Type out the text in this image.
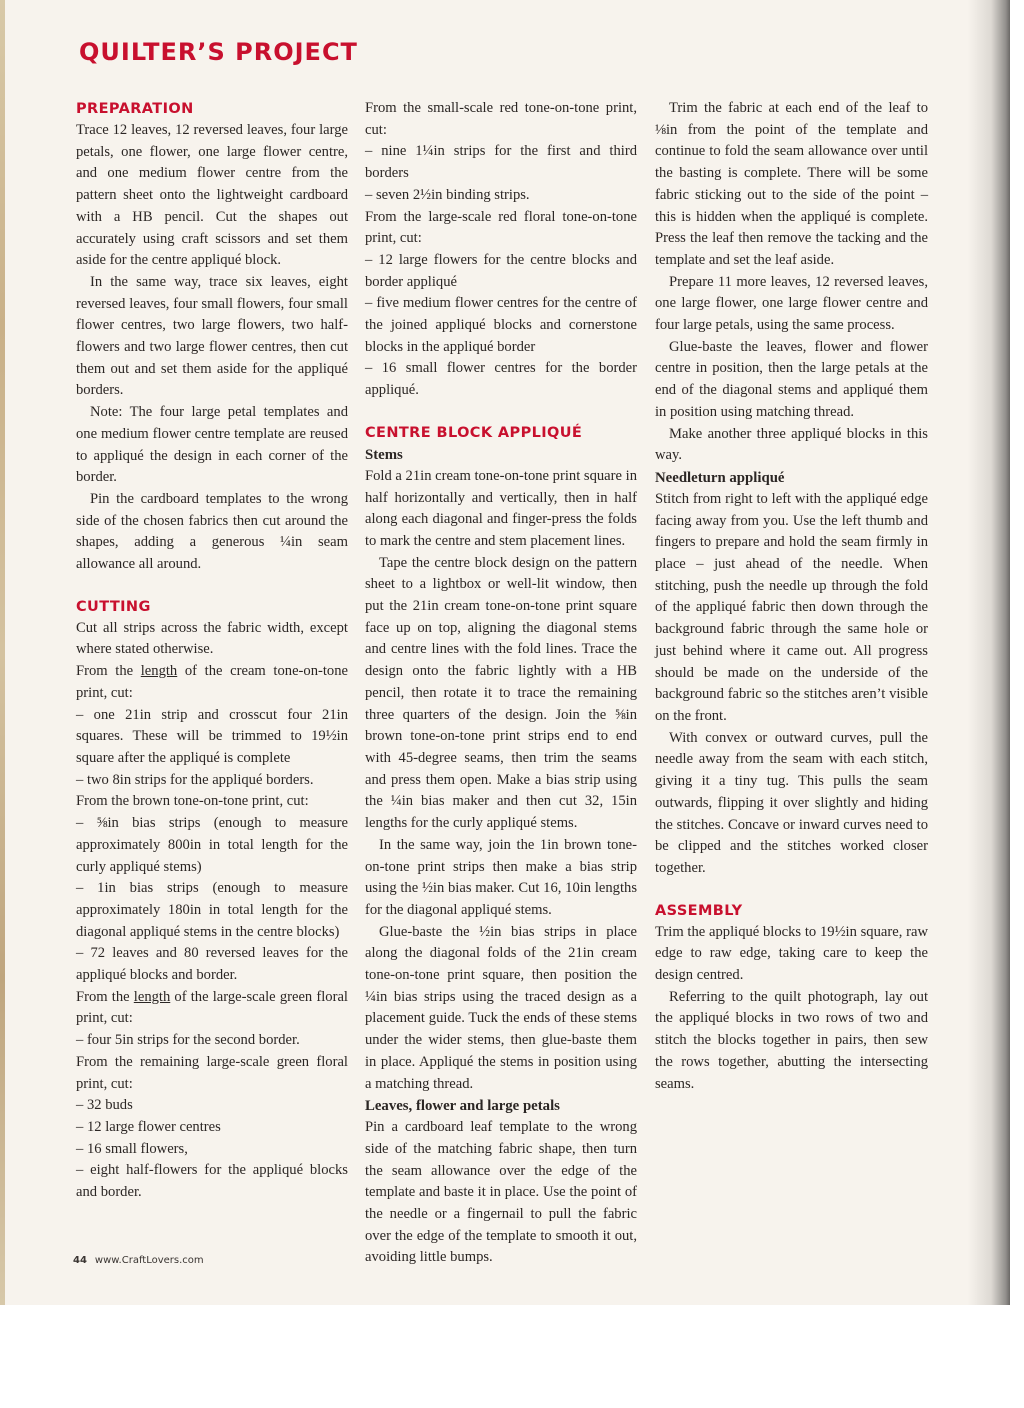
QUILTER’S PROJECT
PREPARATION

Trace 12 leaves, 12 reversed leaves, four large petals, one flower, one large flower centre, and one medium flower centre from the pattern sheet onto the lightweight cardboard with a HB pencil. Cut the shapes out accurately using craft scissors and set them aside for the centre appliqué block.

In the same way, trace six leaves, eight reversed leaves, four small flowers, four small flower centres, two large flowers, two half-flowers and two large flower centres, then cut them out and set them aside for the appliqué borders.

Note: The four large petal templates and one medium flower centre template are reused to appliqué the design in each corner of the border.

Pin the cardboard templates to the wrong side of the chosen fabrics then cut around the shapes, adding a generous ¼in seam allowance all around.

CUTTING

Cut all strips across the fabric width, except where stated otherwise.

From the length of the cream tone-on-tone print, cut:

– one 21in strip and crosscut four 21in squares. These will be trimmed to 19½in square after the appliqué is complete

– two 8in strips for the appliqué borders.

From the brown tone-on-tone print, cut:

– ⅝in bias strips (enough to measure approximately 800in in total length for the curly appliqué stems)

– 1in bias strips (enough to measure approximately 180in in total length for the diagonal appliqué stems in the centre blocks)

– 72 leaves and 80 reversed leaves for the appliqué blocks and border.

From the length of the large-scale green floral print, cut:

– four 5in strips for the second border.

From the remaining large-scale green floral print, cut:

– 32 buds

– 12 large flower centres

– 16 small flowers,

– eight half-flowers for the appliqué blocks and border.

From the small-scale red tone-on-tone print, cut:

– nine 1¼in strips for the first and third borders

– seven 2½in binding strips.

From the large-scale red floral tone-on-tone print, cut:

– 12 large flowers for the centre blocks and border appliqué

– five medium flower centres for the centre of the joined appliqué blocks and cornerstone blocks in the appliqué border

– 16 small flower centres for the border appliqué.

CENTRE BLOCK APPLIQUÉ
Stems

Fold a 21in cream tone-on-tone print square in half horizontally and vertically, then in half along each diagonal and finger-press the folds to mark the centre and stem placement lines.

Tape the centre block design on the pattern sheet to a lightbox or well-lit window, then put the 21in cream tone-on-tone print square face up on top, aligning the diagonal stems and centre lines with the fold lines. Trace the design onto the fabric lightly with a HB pencil, then rotate it to trace the remaining three quarters of the design. Join the ⅝in brown tone-on-tone print strips end to end with 45-degree seams, then trim the seams and press them open. Make a bias strip using the ¼in bias maker and then cut 32, 15in lengths for the curly appliqué stems.

In the same way, join the 1in brown tone-on-tone print strips then make a bias strip using the ½in bias maker. Cut 16, 10in lengths for the diagonal appliqué stems.

Glue-baste the ½in bias strips in place along the diagonal folds of the 21in cream tone-on-tone print square, then position the ¼in bias strips using the traced design as a placement guide. Tuck the ends of these stems under the wider stems, then glue-baste them in place. Appliqué the stems in position using a matching thread.

Leaves, flower and large petals

Pin a cardboard leaf template to the wrong side of the matching fabric shape, then turn the seam allowance over the edge of the template and baste it in place. Use the point of the needle or a fingernail to pull the fabric over the edge of the template to smooth it out, avoiding little bumps.

Trim the fabric at each end of the leaf to ⅛in from the point of the template and continue to fold the seam allowance over until the basting is complete. There will be some fabric sticking out to the side of the point – this is hidden when the appliqué is complete. Press the leaf then remove the tacking and the template and set the leaf aside.

Prepare 11 more leaves, 12 reversed leaves, one large flower, one large flower centre and four large petals, using the same process.

Glue-baste the leaves, flower and flower centre in position, then the large petals at the end of the diagonal stems and appliqué them in position using matching thread.

Make another three appliqué blocks in this way.

Needleturn appliqué

Stitch from right to left with the appliqué edge facing away from you. Use the left thumb and fingers to prepare and hold the seam firmly in place – just ahead of the needle. When stitching, push the needle up through the fold of the appliqué fabric then down through the background fabric through the same hole or just behind where it came out. All progress should be made on the underside of the background fabric so the stitches aren’t visible on the front.

With convex or outward curves, pull the needle away from the seam with each stitch, giving it a tiny tug. This pulls the seam outwards, flipping it over slightly and hiding the stitches. Concave or inward curves need to be clipped and the stitches worked closer together.

ASSEMBLY

Trim the appliqué blocks to 19½in square, raw edge to raw edge, taking care to keep the design centred.

Referring to the quilt photograph, lay out the appliqué blocks in two rows of two and stitch the blocks together in pairs, then sew the rows together, abutting the intersecting seams.

44 www.CraftLovers.com
